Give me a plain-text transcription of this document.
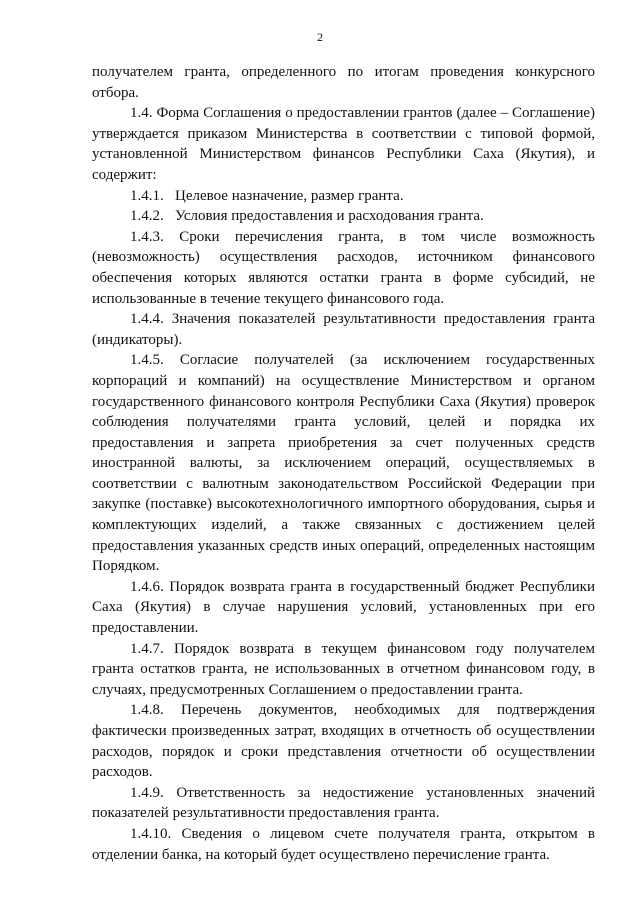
2

получателем гранта, определенного по итогам проведения конкурсного отбора.

1.4. Форма Соглашения о предоставлении грантов (далее – Соглашение) утверждается приказом Министерства в соответствии с типовой формой, установленной Министерством финансов Республики Саха (Якутия), и содержит:

1.4.1. Целевое назначение, размер гранта.

1.4.2. Условия предоставления и расходования гранта.

1.4.3. Сроки перечисления гранта, в том числе возможность (невозможность) осуществления расходов, источником финансового обеспечения которых являются остатки гранта в форме субсидий, не использованные в течение текущего финансового года.

1.4.4. Значения показателей результативности предоставления гранта (индикаторы).

1.4.5. Согласие получателей (за исключением государственных корпораций и компаний) на осуществление Министерством и органом государственного финансового контроля Республики Саха (Якутия) проверок соблюдения получателями гранта условий, целей и порядка их предоставления и запрета приобретения за счет полученных средств иностранной валюты, за исключением операций, осуществляемых в соответствии с валютным законодательством Российской Федерации при закупке (поставке) высокотехнологичного импортного оборудования, сырья и комплектующих изделий, а также связанных с достижением целей предоставления указанных средств иных операций, определенных настоящим Порядком.

1.4.6. Порядок возврата гранта в государственный бюджет Республики Саха (Якутия) в случае нарушения условий, установленных при его предоставлении.

1.4.7. Порядок возврата в текущем финансовом году получателем гранта остатков гранта, не использованных в отчетном финансовом году, в случаях, предусмотренных Соглашением о предоставлении гранта.

1.4.8. Перечень документов, необходимых для подтверждения фактически произведенных затрат, входящих в отчетность об осуществлении расходов, порядок и сроки представления отчетности об осуществлении расходов.

1.4.9. Ответственность за недостижение установленных значений показателей результативности предоставления гранта.

1.4.10. Сведения о лицевом счете получателя гранта, открытом в отделении банка, на который будет осуществлено перечисление гранта.
